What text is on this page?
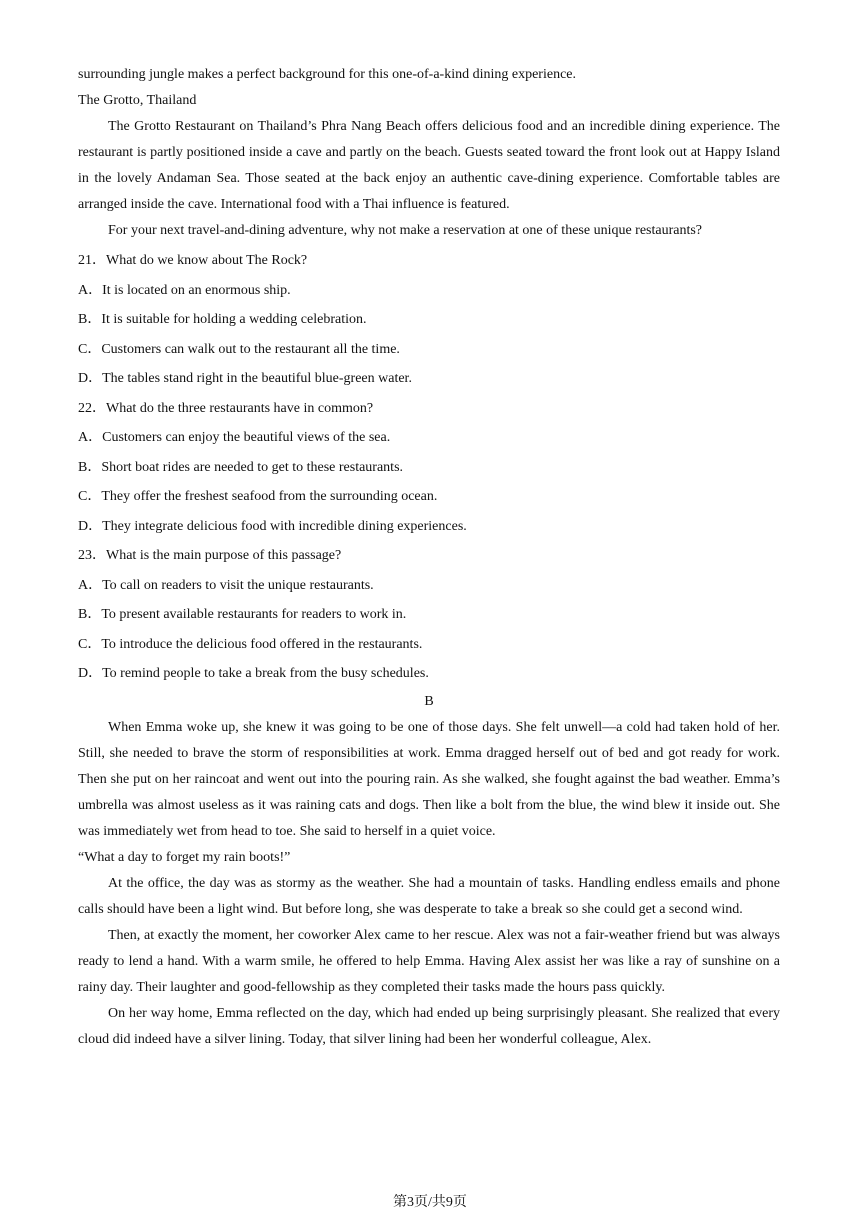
surrounding jungle makes a perfect background for this one-of-a-kind dining experience.
The Grotto, Thailand
The Grotto Restaurant on Thailand’s Phra Nang Beach offers delicious food and an incredible dining experience. The restaurant is partly positioned inside a cave and partly on the beach. Guests seated toward the front look out at Happy Island in the lovely Andaman Sea. Those seated at the back enjoy an authentic cave-dining experience. Comfortable tables are arranged inside the cave. International food with a Thai influence is featured.
For your next travel-and-dining adventure, why not make a reservation at one of these unique restaurants?
21．What do we know about The Rock?
A．It is located on an enormous ship.
B．It is suitable for holding a wedding celebration.
C．Customers can walk out to the restaurant all the time.
D．The tables stand right in the beautiful blue-green water.
22．What do the three restaurants have in common?
A．Customers can enjoy the beautiful views of the sea.
B．Short boat rides are needed to get to these restaurants.
C．They offer the freshest seafood from the surrounding ocean.
D．They integrate delicious food with incredible dining experiences.
23．What is the main purpose of this passage?
A．To call on readers to visit the unique restaurants.
B．To present available restaurants for readers to work in.
C．To introduce the delicious food offered in the restaurants.
D．To remind people to take a break from the busy schedules.
B
When Emma woke up, she knew it was going to be one of those days. She felt unwell—a cold had taken hold of her. Still, she needed to brave the storm of responsibilities at work. Emma dragged herself out of bed and got ready for work. Then she put on her raincoat and went out into the pouring rain. As she walked, she fought against the bad weather. Emma’s umbrella was almost useless as it was raining cats and dogs. Then like a bolt from the blue, the wind blew it inside out. She was immediately wet from head to toe. She said to herself in a quiet voice.
“What a day to forget my rain boots!”
At the office, the day was as stormy as the weather. She had a mountain of tasks. Handling endless emails and phone calls should have been a light wind. But before long, she was desperate to take a break so she could get a second wind.
Then, at exactly the moment, her coworker Alex came to her rescue. Alex was not a fair-weather friend but was always ready to lend a hand. With a warm smile, he offered to help Emma. Having Alex assist her was like a ray of sunshine on a rainy day. Their laughter and good-fellowship as they completed their tasks made the hours pass quickly.
On her way home, Emma reflected on the day, which had ended up being surprisingly pleasant. She realized that every cloud did indeed have a silver lining. Today, that silver lining had been her wonderful colleague, Alex.
第3页/共9页
